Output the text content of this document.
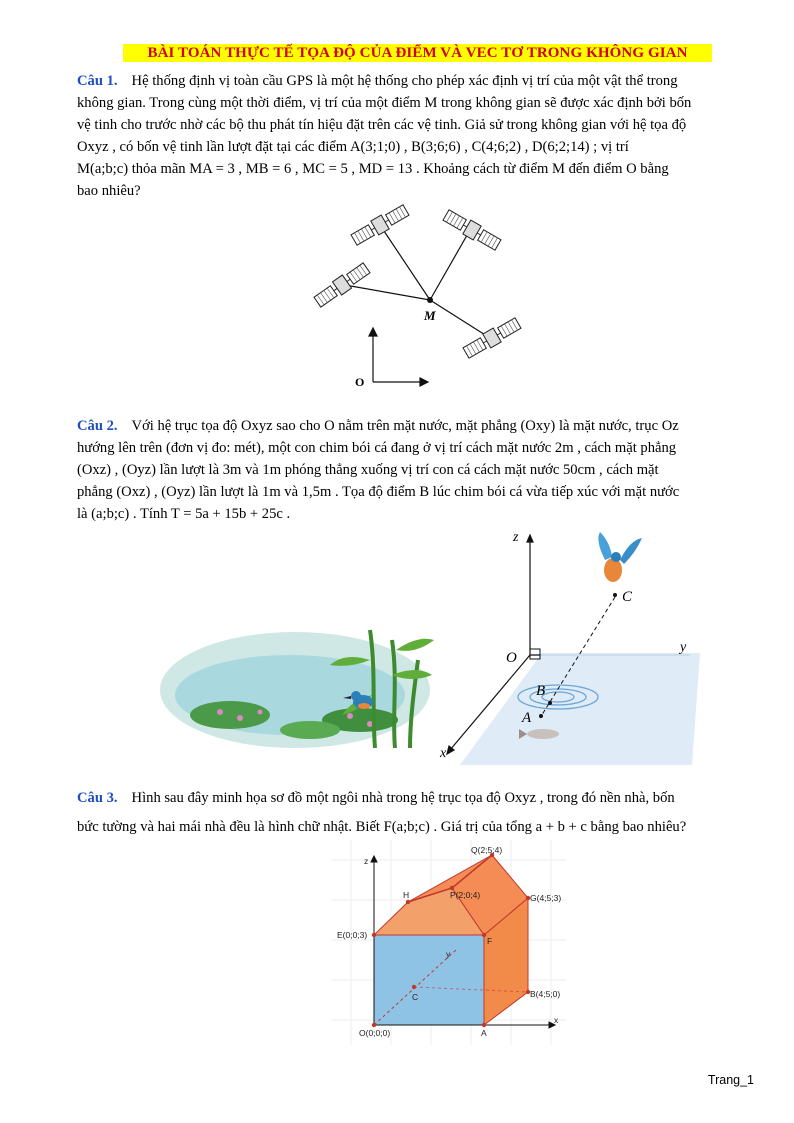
BÀI TOÁN THỰC TẾ TỌA ĐỘ CỦA ĐIỂM VÀ VEC TƠ TRONG KHÔNG GIAN
Câu 1. Hệ thống định vị toàn cầu GPS là một hệ thống cho phép xác định vị trí của một vật thể trong
không gian. Trong cùng một thời điểm, vị trí của một điểm M trong không gian sẽ được xác định bởi bốn
vệ tinh cho trước nhờ các bộ thu phát tín hiệu đặt trên các vệ tinh. Giả sử trong không gian với hệ tọa độ
Oxyz , có bốn vệ tinh lần lượt đặt tại các điểm A(3;1;0) , B(3;6;6) , C(4;6;2) , D(6;2;14) ; vị trí
M(a;b;c) thỏa mãn MA = 3 , MB = 6 , MC = 5 , MD = 13 . Khoảng cách từ điểm M đến điểm O bằng
bao nhiêu?
M
O
Câu 2. Với hệ trục tọa độ Oxyz sao cho O nằm trên mặt nước, mặt phẳng (Oxy) là mặt nước, trục Oz
hướng lên trên (đơn vị đo: mét), một con chim bói cá đang ở vị trí cách mặt nước 2m , cách mặt phẳng
(Oxz) , (Oyz) lần lượt là 3m và 1m phóng thẳng xuống vị trí con cá cách mặt nước 50cm , cách mặt
phẳng (Oxz) , (Oyz) lần lượt là 1m và 1,5m . Tọa độ điểm B lúc chim bói cá vừa tiếp xúc với mặt nước
là (a;b;c) . Tính T = 5a + 15b + 25c .
z
y
x
O
B
A
C
Câu 3. Hình sau đây minh họa sơ đồ một ngôi nhà trong hệ trục tọa độ Oxyz , trong đó nền nhà, bốn
bức tường và hai mái nhà đều là hình chữ nhật. Biết F(a;b;c) . Giá trị của tổng a + b + c bằng bao nhiêu?
Q(2;5;4)
H	P(2;0;4)	G(4;5;3)
E(0;0;3)
F
y
C	B(4;5;0)
O(0;0;0)	A
x
z
Trang_1
